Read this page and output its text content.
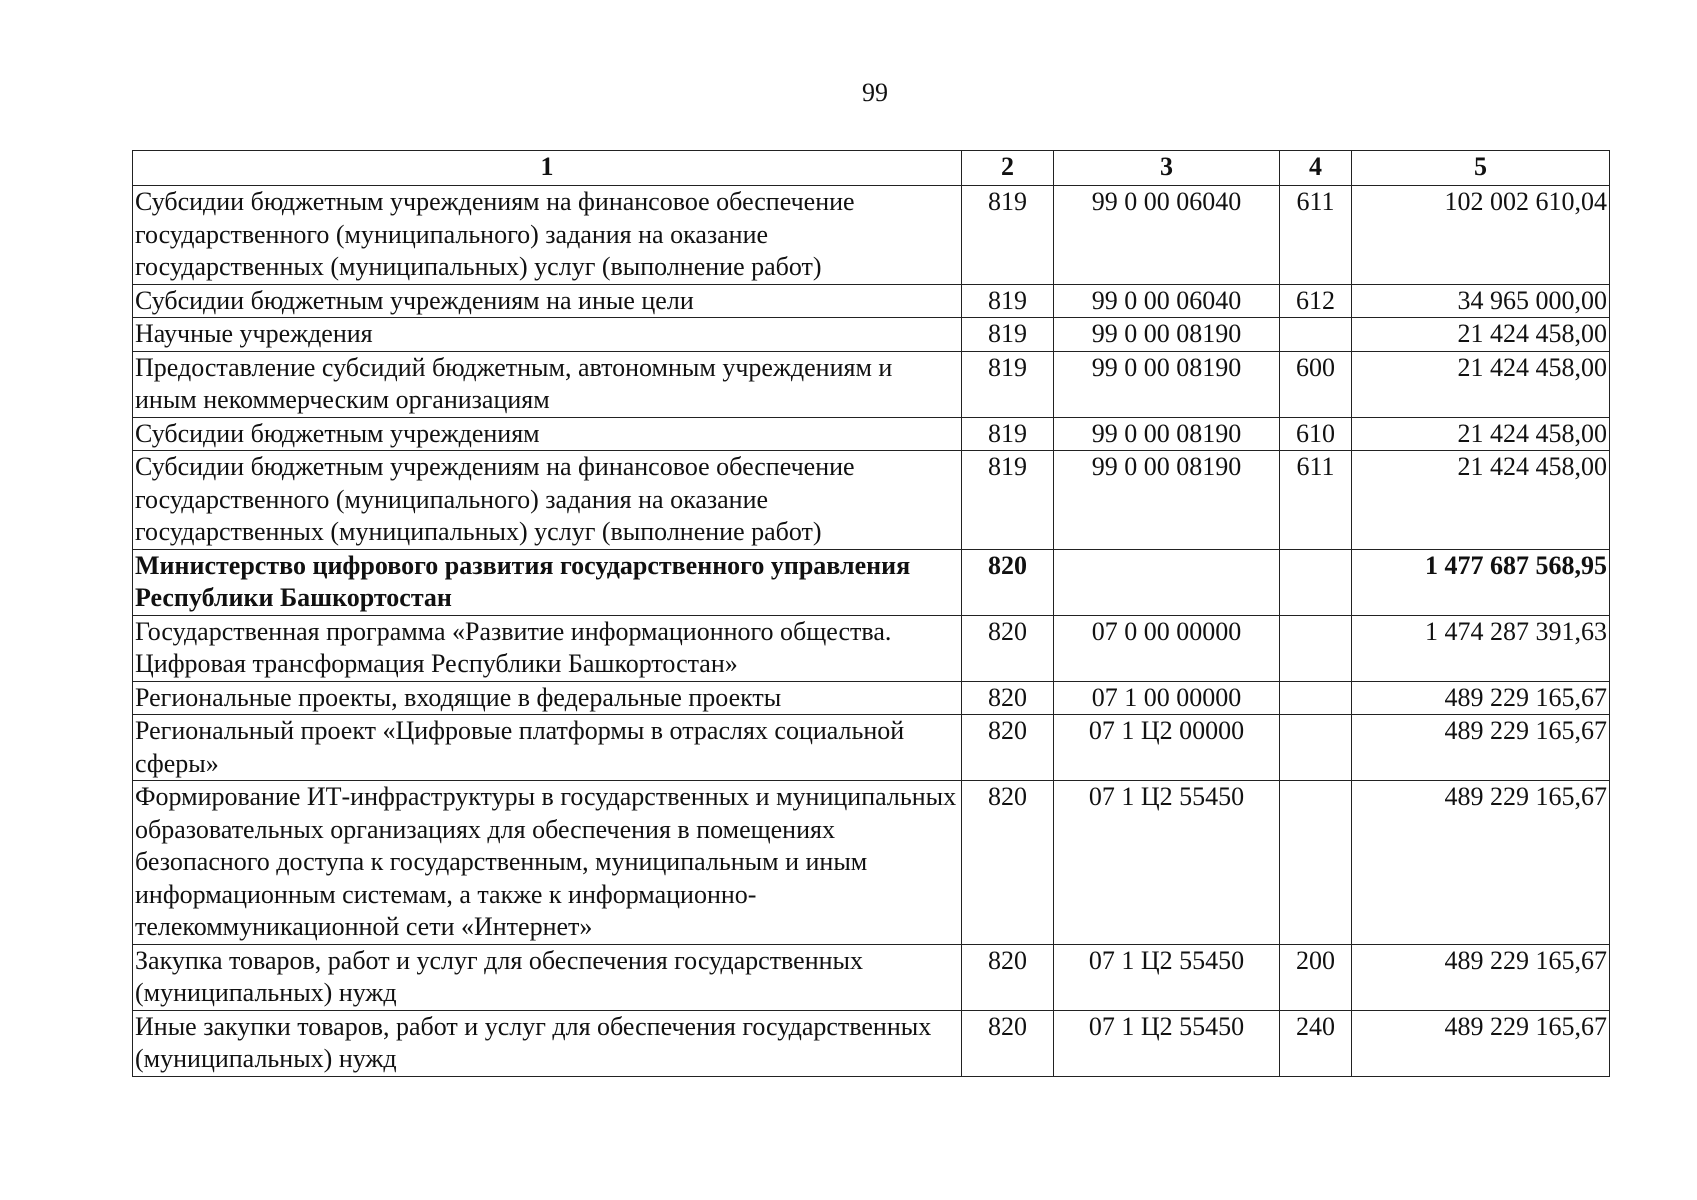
99
1	2	3	4	5
Субсидии бюджетным учреждениям на финансовое обеспечение государственного (муниципального) задания на оказание государственных (муниципальных) услуг (выполнение работ)	819	99 0 00 06040	611	102 002 610,04
Субсидии бюджетным учреждениям на иные цели	819	99 0 00 06040	612	34 965 000,00
Научные учреждения	819	99 0 00 08190		21 424 458,00
Предоставление субсидий бюджетным, автономным учреждениям и иным некоммерческим организациям	819	99 0 00 08190	600	21 424 458,00
Субсидии бюджетным учреждениям	819	99 0 00 08190	610	21 424 458,00
Субсидии бюджетным учреждениям на финансовое обеспечение государственного (муниципального) задания на оказание государственных (муниципальных) услуг (выполнение работ)	819	99 0 00 08190	611	21 424 458,00
Министерство цифрового развития государственного управления Республики Башкортостан	820			1 477 687 568,95
Государственная программа «Развитие информационного общества. Цифровая трансформация Республики Башкортостан»	820	07 0 00 00000		1 474 287 391,63
Региональные проекты, входящие в федеральные проекты	820	07 1 00 00000		489 229 165,67
Региональный проект «Цифровые платформы в отраслях социальной сферы»	820	07 1 Ц2 00000		489 229 165,67
Формирование ИТ-инфраструктуры в государственных и муниципальных образовательных организациях для обеспечения в помещениях безопасного доступа к государственным, муниципальным и иным информационным системам, а также к информационно-телекоммуникационной сети «Интернет»	820	07 1 Ц2 55450		489 229 165,67
Закупка товаров, работ и услуг для обеспечения государственных (муниципальных) нужд	820	07 1 Ц2 55450	200	489 229 165,67
Иные закупки товаров, работ и услуг для обеспечения государственных (муниципальных) нужд	820	07 1 Ц2 55450	240	489 229 165,67
